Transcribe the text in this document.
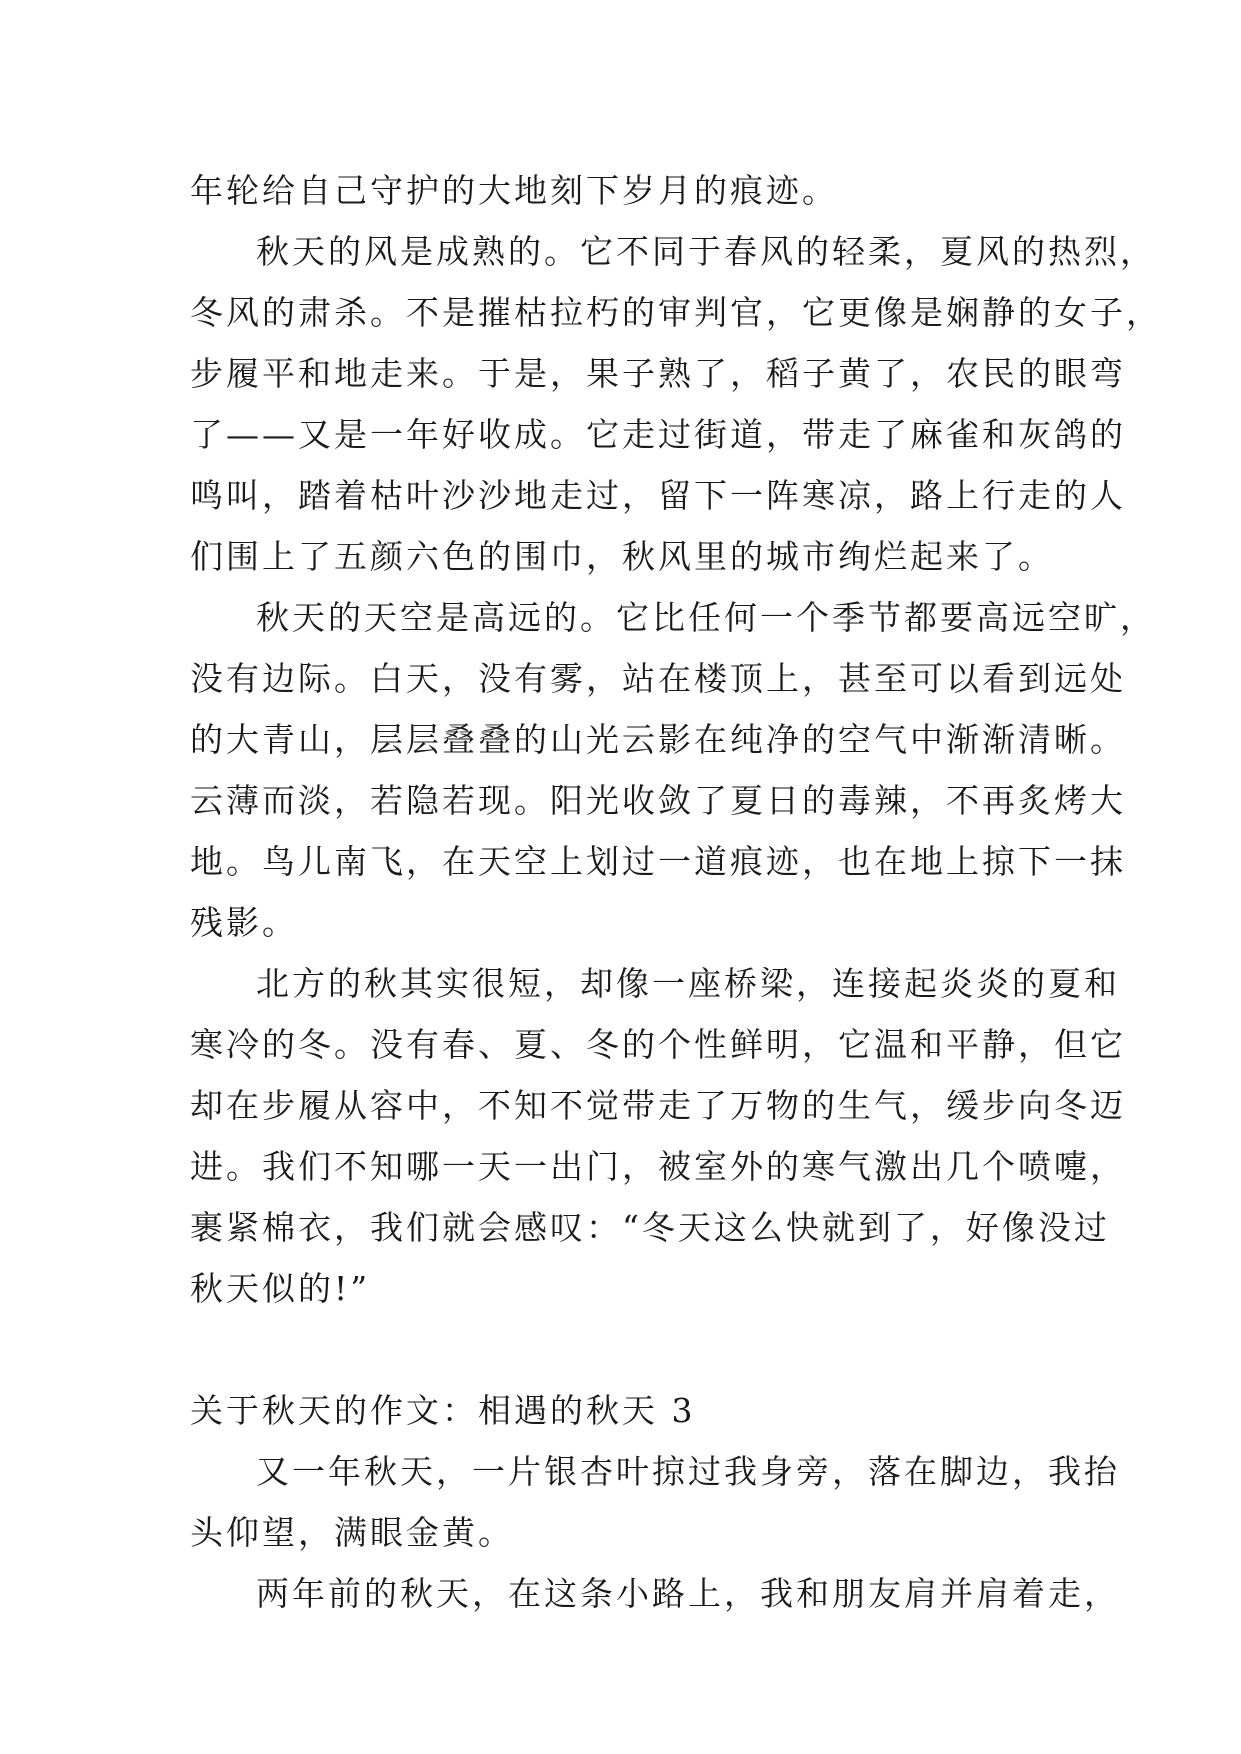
年轮给自己守护的大地刻下岁月的痕迹。
秋天的风是成熟的。它不同于春风的轻柔，夏风的热烈，
冬风的肃杀。不是摧枯拉朽的审判官，它更像是娴静的女子，
步履平和地走来。于是，果子熟了，稻子黄了，农民的眼弯
了——又是一年好收成。它走过街道，带走了麻雀和灰鸽的
鸣叫，踏着枯叶沙沙地走过，留下一阵寒凉，路上行走的人
们围上了五颜六色的围巾，秋风里的城市绚烂起来了。
秋天的天空是高远的。它比任何一个季节都要高远空旷，
没有边际。白天，没有雾，站在楼顶上，甚至可以看到远处
的大青山，层层叠叠的山光云影在纯净的空气中渐渐清晰。
云薄而淡，若隐若现。阳光收敛了夏日的毒辣，不再炙烤大
地。鸟儿南飞，在天空上划过一道痕迹，也在地上掠下一抹
残影。
北方的秋其实很短，却像一座桥梁，连接起炎炎的夏和
寒冷的冬。没有春、夏、冬的个性鲜明，它温和平静，但它
却在步履从容中，不知不觉带走了万物的生气，缓步向冬迈
进。我们不知哪一天一出门，被室外的寒气激出几个喷嚏，
裹紧棉衣，我们就会感叹：“冬天这么快就到了，好像没过
秋天似的!”
关于秋天的作文：相遇的秋天 3
又一年秋天，一片银杏叶掠过我身旁，落在脚边，我抬
头仰望，满眼金黄。
两年前的秋天，在这条小路上，我和朋友肩并肩着走，
